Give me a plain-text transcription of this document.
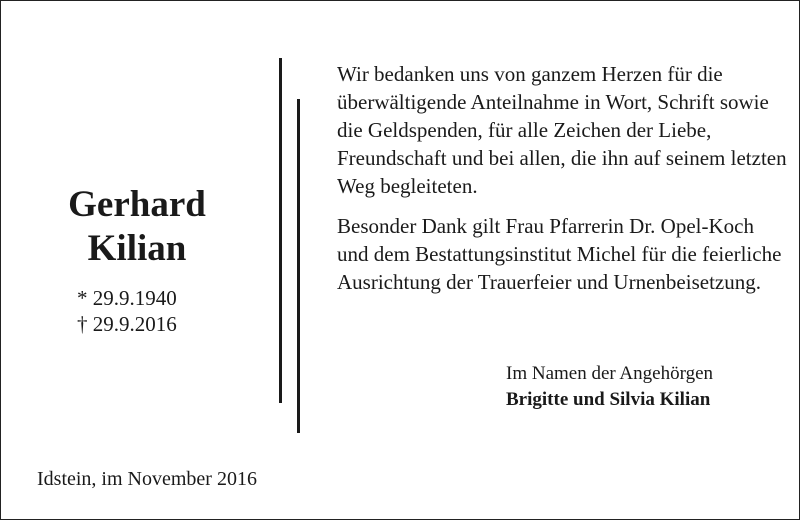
Gerhard
Kilian
* 29.9.1940
† 29.9.2016

Wir bedanken uns von ganzem Herzen für die überwältigende Anteilnahme in Wort, Schrift sowie die Geldspenden, für alle Zeichen der Liebe, Freundschaft und bei allen, die ihn auf seinem letzten Weg begleiteten.

Besonder Dank gilt Frau Pfarrerin Dr. Opel-Koch und dem Bestattungsinstitut Michel für die feierliche Ausrichtung der Trauerfeier und Urnenbeisetzung.

Im Namen der Angehörgen
Brigitte und Silvia Kilian
Idstein, im November 2016
